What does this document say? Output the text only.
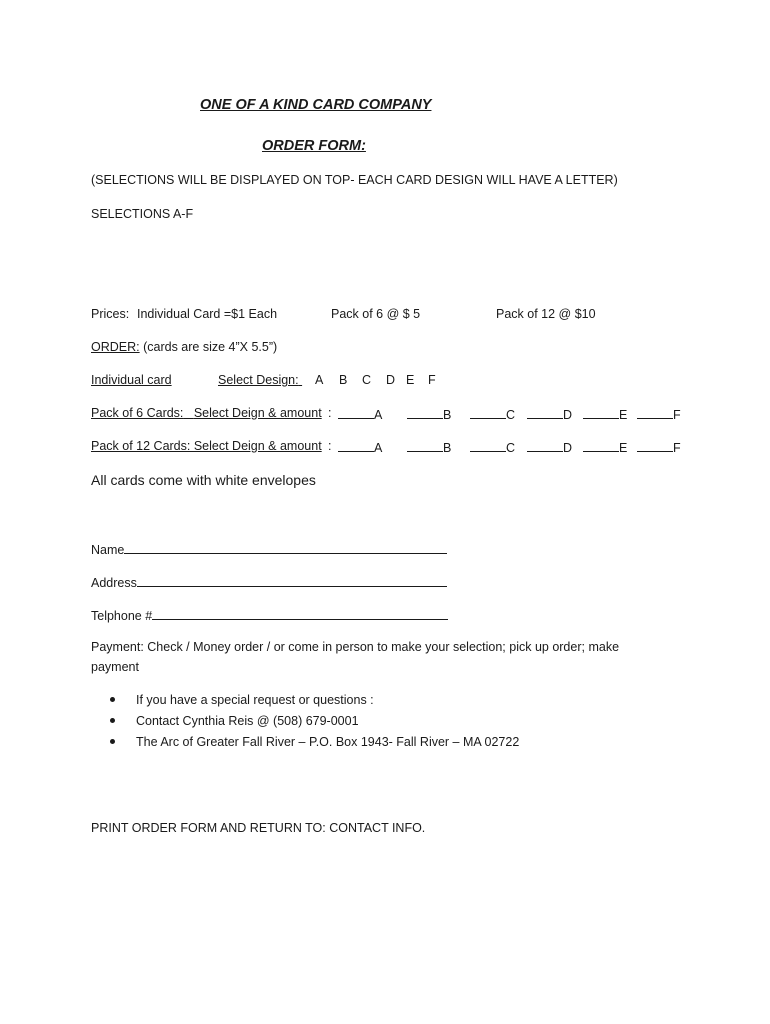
ONE OF A KIND CARD COMPANY
ORDER FORM:
(SELECTIONS WILL BE DISPLAYED ON TOP- EACH CARD DESIGN WILL HAVE A LETTER)
SELECTIONS A-F
Prices: Individual Card =$1 Each	Pack of 6 @ $ 5	Pack of 12 @ $10
ORDER: (cards are size 4”X 5.5”)
Individual card	Select Design:	A B C D E F
Pack of 6 Cards: Select Deign & amount :	A	B	C	D	E	F
Pack of 12 Cards: Select Deign & amount :	A	B	C	D	E	F
All cards come with white envelopes
Name
Address
Telphone #
Payment: Check / Money order / or come in person to make your selection; pick up order; make
payment
If you have a special request or questions :
Contact Cynthia Reis @ (508) 679-0001
The Arc of Greater Fall River – P.O. Box 1943- Fall River – MA 02722
PRINT ORDER FORM AND RETURN TO: CONTACT INFO.
